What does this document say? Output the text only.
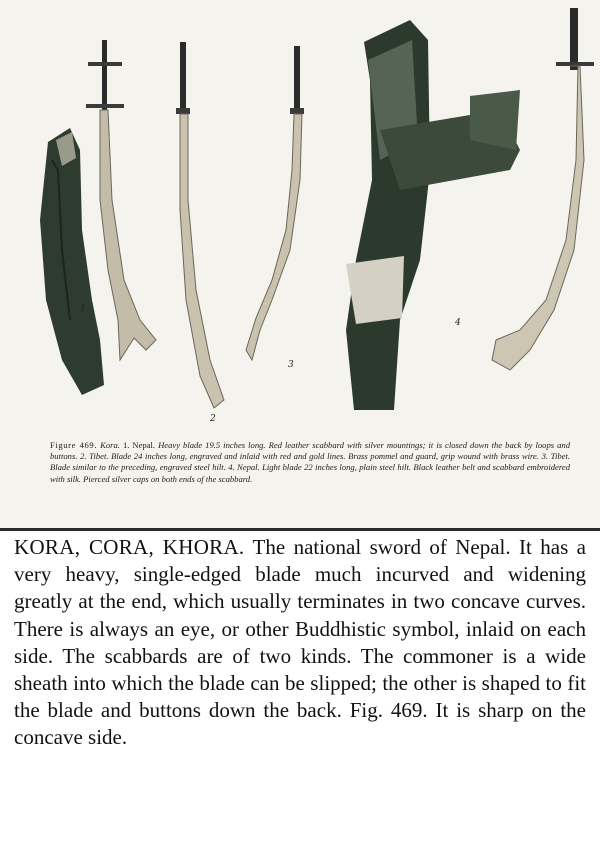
1
2
3
4
Figure 469. Kora. 1. Nepal. Heavy blade 19.5 inches long. Red leather scabbard with silver mountings; it is closed down the back by loops and buttons. 2. Tibet. Blade 24 inches long, engraved and inlaid with red and gold lines. Brass pommel and guard, grip wound with brass wire. 3. Tibet. Blade similar to the preceding, engraved steel hilt. 4. Nepal. Light blade 22 inches long, plain steel hilt. Black leather belt and scabbard embroidered with silk. Pierced silver caps on both ends of the scabbard.
KORA, CORA, KHORA. The national sword of Nepal. It has a very heavy, single-edged blade much incurved and widening greatly at the end, which usually terminates in two concave curves. There is always an eye, or other Buddhistic symbol, inlaid on each side. The scabbards are of two kinds. The commoner is a wide sheath into which the blade can be slipped; the other is shaped to fit the blade and buttons down the back. Fig. 469. It is sharp on the concave side.
